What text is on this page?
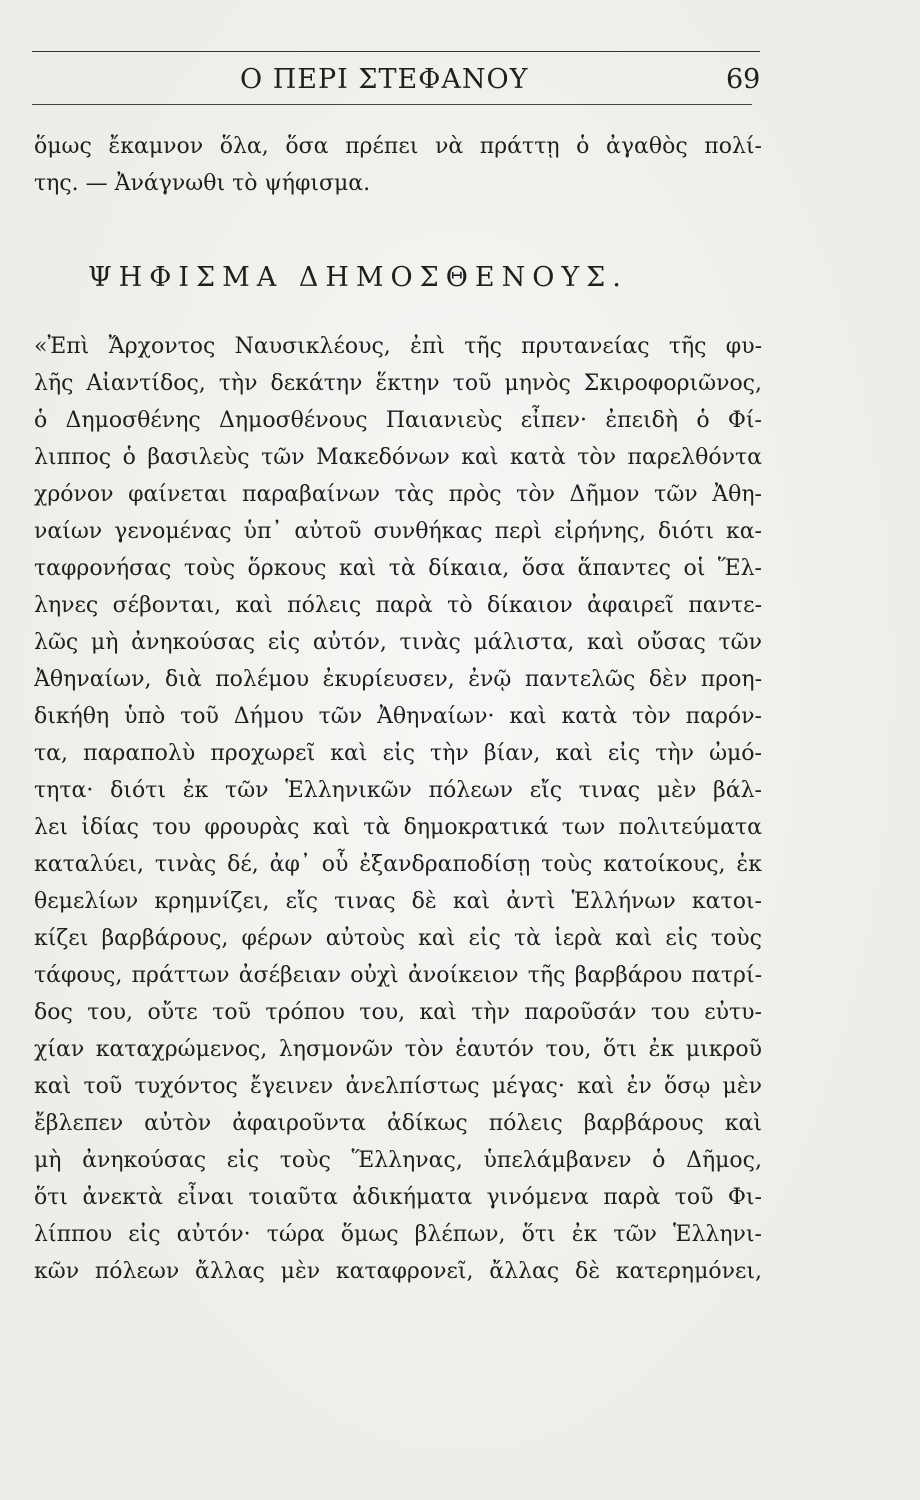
Ο ΠΕΡΙ ΣΤΕΦΑΝΟΥ	69
ὅμως ἔκαμνον ὅλα, ὅσα πρέπει νὰ πράττῃ ὁ ἀγαθὸς πολί-
της. — Ἀνάγνωθι τὸ ψήφισμα.
ΨΗΦΙΣΜΑ ΔΗΜΟΣΘΕΝΟΥΣ.
«Ἐπὶ Ἄρχοντος Ναυσικλέους, ἐπὶ τῆς πρυτανείας τῆς φυ-
λῆς Αἰαντίδος, τὴν δεκάτην ἕκτην τοῦ μηνὸς Σκιροφοριῶνος,
ὁ Δημοσθένης Δημοσθένους Παιανιεὺς εἶπεν· ἐπειδὴ ὁ Φί-
λιππος ὁ βασιλεὺς τῶν Μακεδόνων καὶ κατὰ τὸν παρελθόντα
χρόνον φαίνεται παραβαίνων τὰς πρὸς τὸν Δῆμον τῶν Ἀθη-
ναίων γενομένας ὑπ᾽ αὐτοῦ συνθήκας περὶ εἰρήνης, διότι κα-
ταφρονήσας τοὺς ὅρκους καὶ τὰ δίκαια, ὅσα ἅπαντες οἱ Ἕλ-
ληνες σέβονται, καὶ πόλεις παρὰ τὸ δίκαιον ἀφαιρεῖ παντε-
λῶς μὴ ἀνηκούσας εἰς αὐτόν, τινὰς μάλιστα, καὶ οὔσας τῶν
Ἀθηναίων, διὰ πολέμου ἐκυρίευσεν, ἐνῷ παντελῶς δὲν προη-
δικήθη ὑπὸ τοῦ Δήμου τῶν Ἀθηναίων· καὶ κατὰ τὸν παρόν-
τα, παραπολὺ προχωρεῖ καὶ εἰς τὴν βίαν, καὶ εἰς τὴν ὠμό-
τητα· διότι ἐκ τῶν Ἑλληνικῶν πόλεων εἴς τινας μὲν βάλ-
λει ἰδίας του φρουρὰς καὶ τὰ δημοκρατικά των πολιτεύματα
καταλύει, τινὰς δέ, ἀφ᾽ οὗ ἐξανδραποδίσῃ τοὺς κατοίκους, ἐκ
θεμελίων κρημνίζει, εἴς τινας δὲ καὶ ἀντὶ Ἑλλήνων κατοι-
κίζει βαρβάρους, φέρων αὐτοὺς καὶ εἰς τὰ ἱερὰ καὶ εἰς τοὺς
τάφους, πράττων ἀσέβειαν οὐχὶ ἀνοίκειον τῆς βαρβάρου πατρί-
δος του, οὔτε τοῦ τρόπου του, καὶ τὴν παροῦσάν του εὐτυ-
χίαν καταχρώμενος, λησμονῶν τὸν ἑαυτόν του, ὅτι ἐκ μικροῦ
καὶ τοῦ τυχόντος ἔγεινεν ἀνελπίστως μέγας· καὶ ἐν ὅσῳ μὲν
ἔβλεπεν αὐτὸν ἀφαιροῦντα ἀδίκως πόλεις βαρβάρους καὶ
μὴ ἀνηκούσας εἰς τοὺς Ἕλληνας, ὑπελάμβανεν ὁ Δῆμος,
ὅτι ἀνεκτὰ εἶναι τοιαῦτα ἀδικήματα γινόμενα παρὰ τοῦ Φι-
λίππου εἰς αὐτόν· τώρα ὅμως βλέπων, ὅτι ἐκ τῶν Ἑλληνι-
κῶν πόλεων ἄλλας μὲν καταφρονεῖ, ἄλλας δὲ κατερημόνει,
